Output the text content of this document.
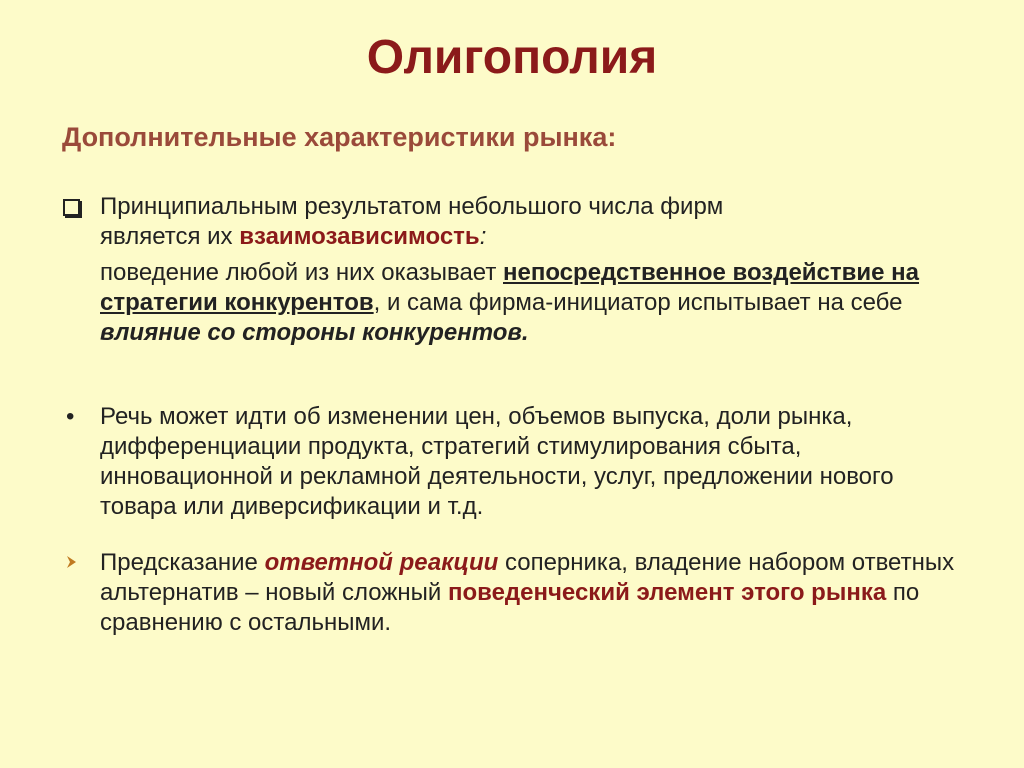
Олигополия
Дополнительные характеристики рынка:
Принципиальным результатом небольшого числа фирм
является их взаимозависимость:
поведение любой из них оказывает непосредственное воздействие на стратегии конкурентов, и сама фирма-инициатор испытывает на себе влияние со стороны конкурентов.
• Речь может идти об изменении цен, объемов выпуска, доли рынка, дифференциации продукта, стратегий стимулирования сбыта, инновационной и рекламной деятельности, услуг, предложении нового товара или диверсификации и т.д.
Предсказание ответной реакции соперника, владение набором ответных альтернатив – новый сложный поведенческий элемент этого рынка по сравнению с остальными.
